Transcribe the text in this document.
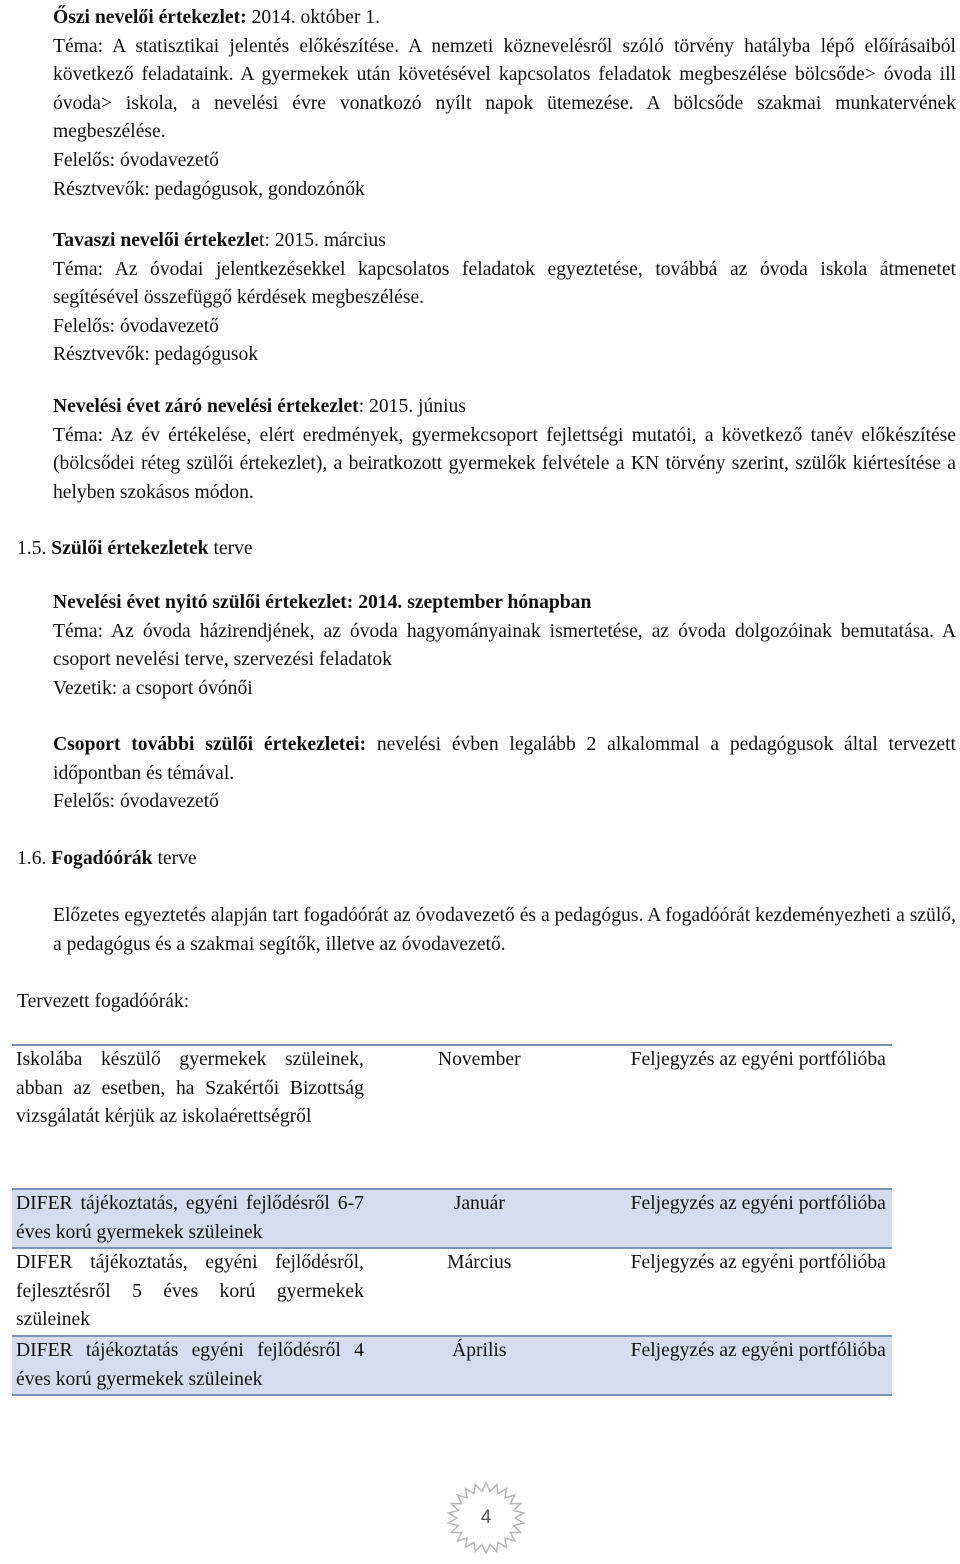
Őszi nevelői értekezlet: 2014. október 1.

Téma: A statisztikai jelentés előkészítése. A nemzeti köznevelésről szóló törvény hatályba lépő előírásaiból következő feladataink. A gyermekek után követésével kapcsolatos feladatok megbeszélése bölcsőde> óvoda ill óvoda> iskola, a nevelési évre vonatkozó nyílt napok ütemezése. A bölcsőde szakmai munkatervének megbeszélése.

Felelős: óvodavezető

Résztvevők: pedagógusok, gondozónők

Tavaszi nevelői értekezlet: 2015. március

Téma: Az óvodai jelentkezésekkel kapcsolatos feladatok egyeztetése, továbbá az óvoda iskola átmenetet segítésével összefüggő kérdések megbeszélése.

Felelős: óvodavezető

Résztvevők: pedagógusok

Nevelési évet záró nevelési értekezlet: 2015. június

Téma: Az év értékelése, elért eredmények, gyermekcsoport fejlettségi mutatói, a következő tanév előkészítése (bölcsődei réteg szülői értekezlet), a beiratkozott gyermekek felvétele a KN törvény szerint, szülők kiértesítése a helyben szokásos módon.

1.5. Szülői értekezletek terve

Nevelési évet nyitó szülői értekezlet: 2014. szeptember hónapban

Téma: Az óvoda házirendjének, az óvoda hagyományainak ismertetése, az óvoda dolgozóinak bemutatása. A csoport nevelési terve, szervezési feladatok

Vezetik: a csoport óvónői

Csoport további szülői értekezletei: nevelési évben legalább 2 alkalommal a pedagógusok által tervezett időpontban és témával.

Felelős: óvodavezető

1.6. Fogadóórák terve

Előzetes egyeztetés alapján tart fogadóórát az óvodavezető és a pedagógus. A fogadóórát kezdeményezheti a szülő, a pedagógus és a szakmai segítők, illetve az óvodavezető.

Tervezett fogadóórák:

Iskolába készülő gyermekek szüleinek, abban az esetben, ha Szakértői Bizottság vizsgálatát kérjük az iskolaérettségről	November	Feljegyzés az egyéni portfólióba
DIFER tájékoztatás, egyéni fejlődésről 6-7 éves korú gyermekek szüleinek	Január	Feljegyzés az egyéni portfólióba
DIFER tájékoztatás, egyéni fejlődésről, fejlesztésről 5 éves korú gyermekek szüleinek	Március	Feljegyzés az egyéni portfólióba
DIFER tájékoztatás egyéni fejlődésről 4 éves korú gyermekek szüleinek	Április	Feljegyzés az egyéni portfólióba
4
